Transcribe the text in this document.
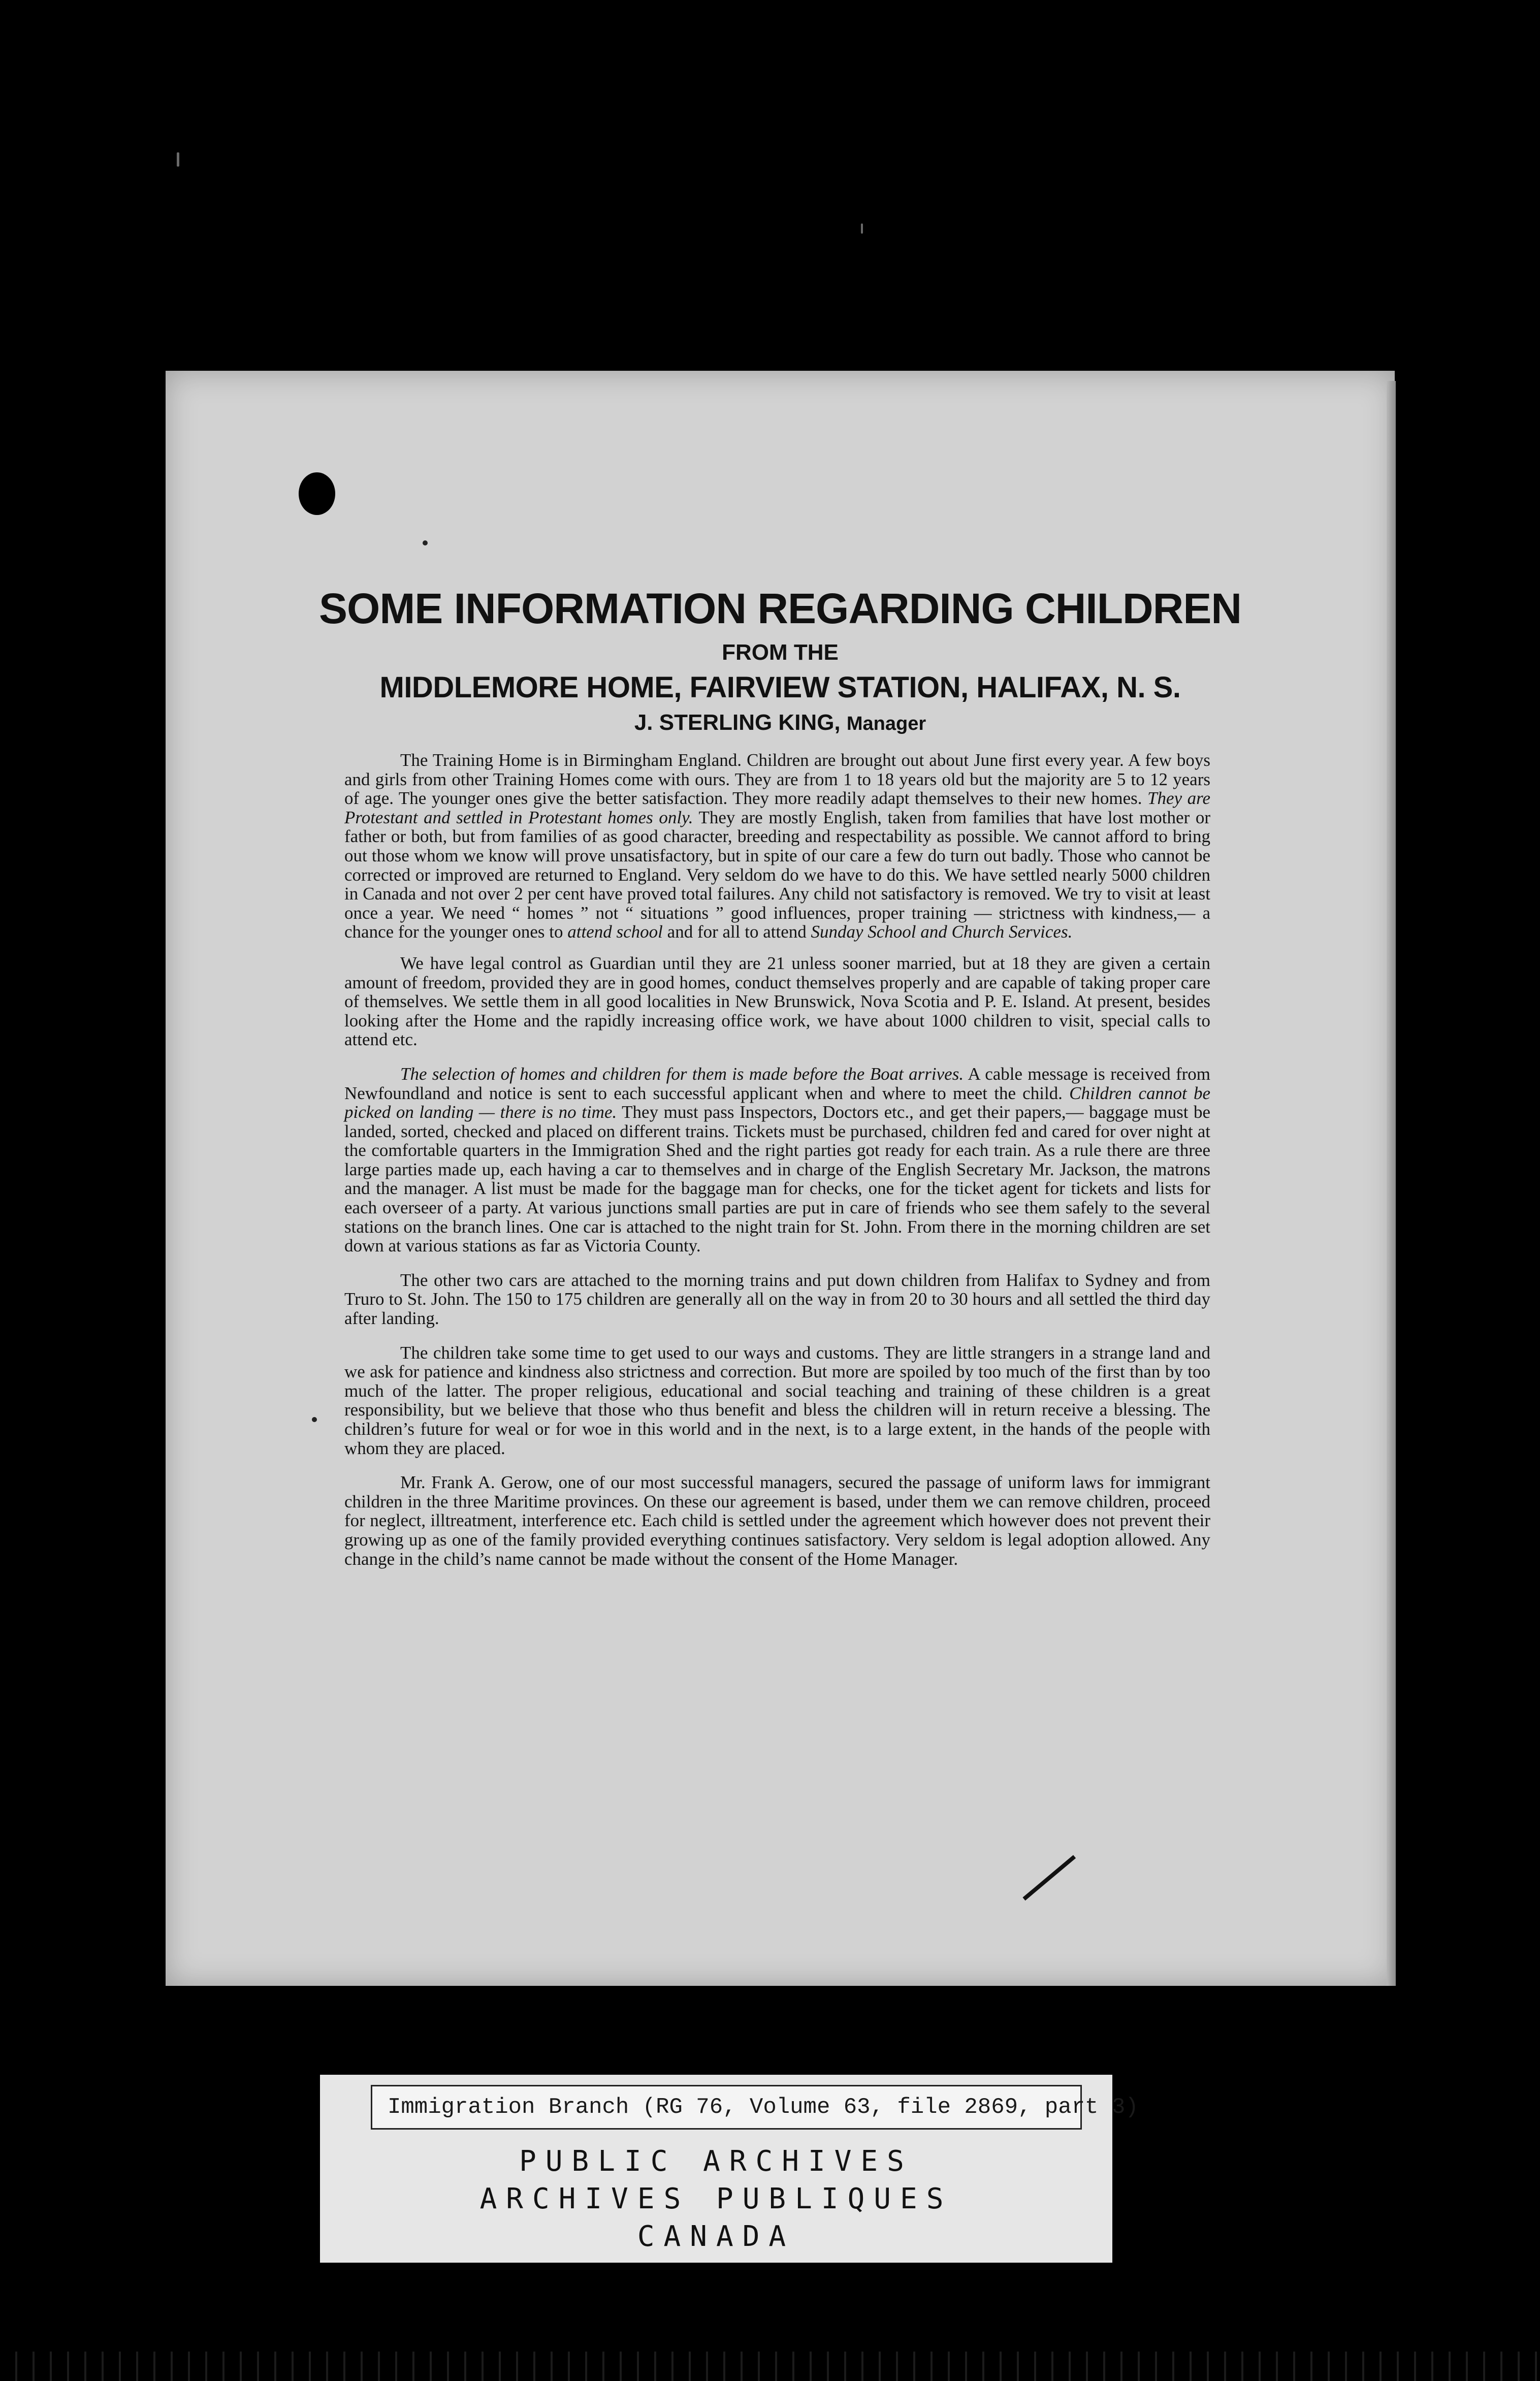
SOME INFORMATION REGARDING CHILDREN
FROM THE
MIDDLEMORE HOME, FAIRVIEW STATION, HALIFAX, N. S.
J. STERLING KING, Manager

The Training Home is in Birmingham England. Children are brought out about June first every year. A few boys and girls from other Training Homes come with ours. They are from 1 to 18 years old but the majority are 5 to 12 years of age. The younger ones give the better satisfaction. They more readily adapt themselves to their new homes. They are Protestant and settled in Protestant homes only. They are mostly English, taken from families that have lost mother or father or both, but from families of as good character, breeding and respectability as possible. We cannot afford to bring out those whom we know will prove unsatisfactory, but in spite of our care a few do turn out badly. Those who cannot be corrected or improved are returned to England. Very seldom do we have to do this. We have settled nearly 5000 children in Canada and not over 2 per cent have proved total failures. Any child not satisfactory is removed. We try to visit at least once a year. We need “ homes ” not “ situations ” good influences, proper training — strictness with kindness,— a chance for the younger ones to attend school and for all to attend Sunday School and Church Services.

We have legal control as Guardian until they are 21 unless sooner married, but at 18 they are given a certain amount of freedom, provided they are in good homes, conduct themselves properly and are capable of taking proper care of themselves. We settle them in all good localities in New Brunswick, Nova Scotia and P. E. Island. At present, besides looking after the Home and the rapidly increasing office work, we have about 1000 children to visit, special calls to attend etc.

The selection of homes and children for them is made before the Boat arrives. A cable message is received from Newfoundland and notice is sent to each successful applicant when and where to meet the child. Children cannot be picked on landing — there is no time. They must pass Inspectors, Doctors etc., and get their papers,— baggage must be landed, sorted, checked and placed on different trains. Tickets must be purchased, children fed and cared for over night at the comfortable quarters in the Immigration Shed and the right parties got ready for each train. As a rule there are three large parties made up, each having a car to themselves and in charge of the English Secretary Mr. Jackson, the matrons and the manager. A list must be made for the baggage man for checks, one for the ticket agent for tickets and lists for each overseer of a party. At various junctions small parties are put in care of friends who see them safely to the several stations on the branch lines. One car is attached to the night train for St. John. From there in the morning children are set down at various stations as far as Victoria County.

The other two cars are attached to the morning trains and put down children from Halifax to Sydney and from Truro to St. John. The 150 to 175 children are generally all on the way in from 20 to 30 hours and all settled the third day after landing.

The children take some time to get used to our ways and customs. They are little strangers in a strange land and we ask for patience and kindness also strictness and correction. But more are spoiled by too much of the first than by too much of the latter. The proper religious, educational and social teaching and training of these children is a great responsibility, but we believe that those who thus benefit and bless the children will in return receive a blessing. The children’s future for weal or for woe in this world and in the next, is to a large extent, in the hands of the people with whom they are placed.

Mr. Frank A. Gerow, one of our most successful managers, secured the passage of uniform laws for immigrant children in the three Maritime provinces. On these our agreement is based, under them we can remove children, proceed for neglect, illtreatment, interference etc. Each child is settled under the agreement which however does not prevent their growing up as one of the family provided everything continues satisfactory. Very seldom is legal adoption allowed. Any change in the child’s name cannot be made without the consent of the Home Manager.

Immigration Branch (RG 76, Volume 63, file 2869, part 3)
PUBLIC ARCHIVES
ARCHIVES PUBLIQUES
CANADA
